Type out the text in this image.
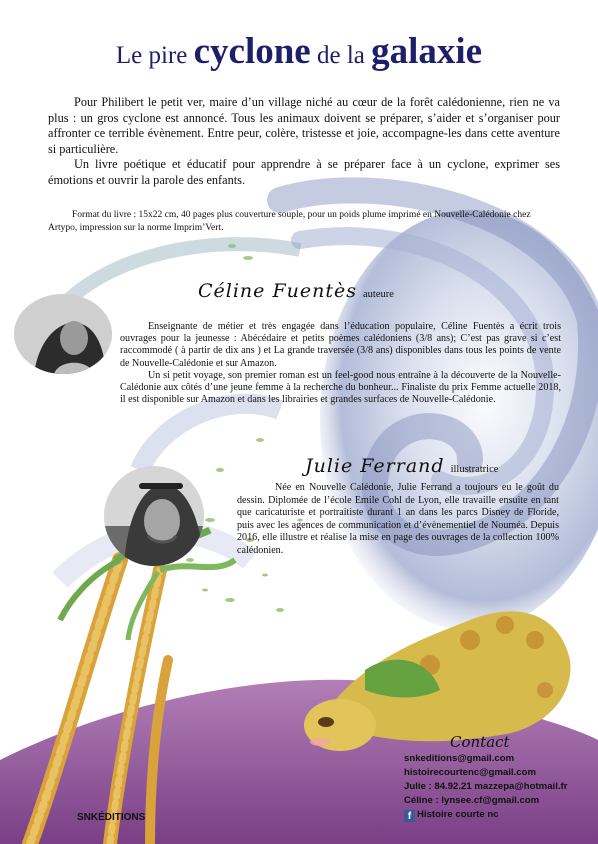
Le pire cyclone de la galaxie

Pour Philibert le petit ver, maire d’un village niché au cœur de la forêt calédonienne, rien ne va plus : un gros cyclone est annoncé. Tous les animaux doivent se préparer, s’aider et s’organiser pour affronter ce terrible évènement. Entre peur, colère, tristesse et joie, accompagne-les dans cette aventure si particulière.

Un livre poétique et éducatif pour apprendre à se préparer face à un cyclone, exprimer ses émotions et ouvrir la parole des enfants.

Format du livre : 15x22 cm, 40 pages plus couverture souple, pour un poids plume imprimé en Nouvelle-Calédonie chez Artypo, impression sur la norme Imprim’Vert.
Céline Fuentès auteure

Enseignante de métier et très engagée dans l’éducation populaire, Céline Fuentès a écrit trois ouvrages pour la jeunesse : Abécédaire et petits poèmes calédoniens (3/8 ans); C’est pas grave si c’est raccommodé ( à partir de dix ans ) et La grande traversée (3/8 ans) disponibles dans tous les points de vente de Nouvelle-Calédonie et sur Amazon.

Un si petit voyage, son premier roman est un feel-good nous entraîne à la découverte de la Nouvelle-Calédonie aux côtés d’une jeune femme à la recherche du bonheur... Finaliste du prix Femme actuelle 2018, il est disponible sur Amazon et dans les librairies et grandes surfaces de Nouvelle-Calédonie.

Julie Ferrand illustratrice

Née en Nouvelle Calédonie, Julie Ferrand a toujours eu le goût du dessin. Diplomée de l’école Emile Cohl de Lyon, elle travaille ensuite en tant que caricaturiste et portraitiste durant 1 an dans les parcs Disney de Floride, puis avec les agences de communication et d’évènementiel de Nouméa. Depuis 2016, elle illustre et réalise la mise en page des ouvrages de la collection 100% calédonien.

Contact
snkeditions@gmail.com
histoirecourtenc@gmail.com
Julie : 84.92.21 mazzepa@hotmail.fr
Céline : lynsee.cf@gmail.com
f Histoire courte nc
SNKÉDITIONS
